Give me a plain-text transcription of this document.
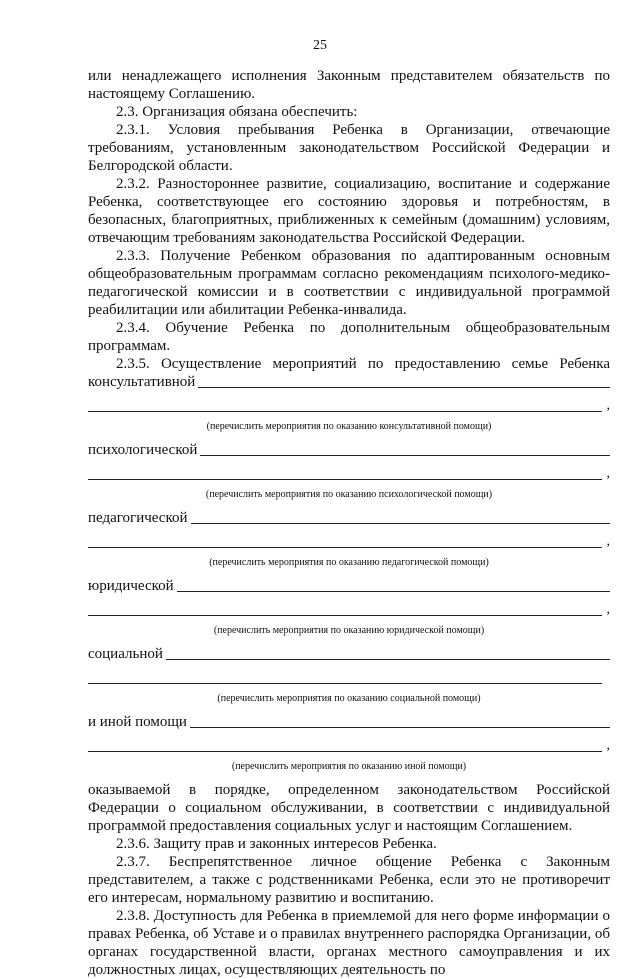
25

или ненадлежащего исполнения Законным представителем обязательств по настоящему Соглашению.

2.3. Организация обязана обеспечить:

2.3.1. Условия пребывания Ребенка в Организации, отвечающие требованиям, установленным законодательством Российской Федерации и Белгородской области.

2.3.2. Разностороннее развитие, социализацию, воспитание и содержание Ребенка, соответствующее его состоянию здоровья и потребностям, в безопасных, благоприятных, приближенных к семейным (домашним) условиям, отвечающим требованиям законодательства Российской Федерации.

2.3.3. Получение Ребенком образования по адаптированным основным общеобразовательным программам согласно рекомендациям психолого-медико-педагогической комиссии и в соответствии с индивидуальной программой реабилитации или абилитации Ребенка-инвалида.

2.3.4. Обучение Ребенка по дополнительным общеобразовательным программам.

2.3.5. Осуществление мероприятий по предоставлению семье Ребенка

консультативной
,
(перечислить мероприятия по оказанию консультативной помощи)
психологической
,
(перечислить мероприятия по оказанию психологической помощи)
педагогической
,
(перечислить мероприятия по оказанию педагогической помощи)
юридической
,
(перечислить мероприятия по оказанию юридической помощи)
социальной
(перечислить мероприятия по оказанию социальной помощи)
и иной помощи
,
(перечислить мероприятия по оказанию иной помощи)

оказываемой в порядке, определенном законодательством Российской Федерации о социальном обслуживании, в соответствии с индивидуальной программой предоставления социальных услуг и настоящим Соглашением.

2.3.6. Защиту прав и законных интересов Ребенка.

2.3.7. Беспрепятственное личное общение Ребенка с Законным представителем, а также с родственниками Ребенка, если это не противоречит его интересам, нормальному развитию и воспитанию.

2.3.8. Доступность для Ребенка в приемлемой для него форме информации о правах Ребенка, об Уставе и о правилах внутреннего распорядка Организации, об органах государственной власти, органах местного самоуправления и их должностных лицах, осуществляющих деятельность по
